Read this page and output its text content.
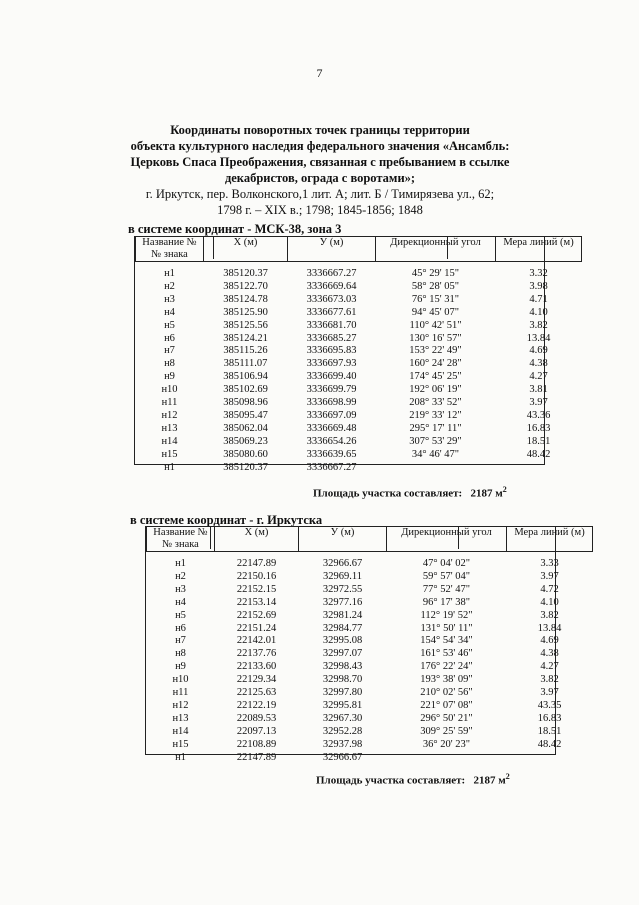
7
Координаты поворотных точек границы территории
объекта культурного наследия федерального значения «Ансамбль:
Церковь Спаса Преображения, связанная с пребыванием в ссылке
декабристов, ограда с воротами»;
г. Иркутск, пер. Волконского,1 лит. А; лит. Б / Тимирязева ул., 62;
1798 г. – XIX в.; 1798; 1845-1856; 1848
в системе координат - МСК-38, зона 3
Название №№ знака	X (м)	У (м)	Дирекционный угол	Мера линий (м)

н1	385120.37	3336667.27	45° 29' 15"	3.32
н2	385122.70	3336669.64	58° 28' 05"	3.98
н3	385124.78	3336673.03	76° 15' 31"	4.71
н4	385125.90	3336677.61	94° 45' 07"	4.10
н5	385125.56	3336681.70	110° 42' 51"	3.82
н6	385124.21	3336685.27	130° 16' 57"	13.84
н7	385115.26	3336695.83	153° 22' 49"	4.69
н8	385111.07	3336697.93	160° 24' 28"	4.38
н9	385106.94	3336699.40	174° 45' 25"	4.27
н10	385102.69	3336699.79	192° 06' 19"	3.81
н11	385098.96	3336698.99	208° 33' 52"	3.97
н12	385095.47	3336697.09	219° 33' 12"	43.36
н13	385062.04	3336669.48	295° 17' 11"	16.83
н14	385069.23	3336654.26	307° 53' 29"	18.51
н15	385080.60	3336639.65	34° 46' 47"	48.42
н1	385120.37	3336667.27		
Площадь участка составляет: 2187 $м^2$
в системе координат - г. Иркутска
Название №№ знака	X (м)	У (м)	Дирекционный угол	Мера линий (м)

н1	22147.89	32966.67	47° 04' 02"	3.33
н2	22150.16	32969.11	59° 57' 04"	3.97
н3	22152.15	32972.55	77° 52' 47"	4.72
н4	22153.14	32977.16	96° 17' 38"	4.10
н5	22152.69	32981.24	112° 19' 52"	3.82
н6	22151.24	32984.77	131° 50' 11"	13.84
н7	22142.01	32995.08	154° 54' 34"	4.69
н8	22137.76	32997.07	161° 53' 46"	4.38
н9	22133.60	32998.43	176° 22' 24"	4.27
н10	22129.34	32998.70	193° 38' 09"	3.82
н11	22125.63	32997.80	210° 02' 56"	3.97
н12	22122.19	32995.81	221° 07' 08"	43.35
н13	22089.53	32967.30	296° 50' 21"	16.83
н14	22097.13	32952.28	309° 25' 59"	18.51
н15	22108.89	32937.98	36° 20' 23"	48.42
н1	22147.89	32966.67		
Площадь участка составляет: 2187 $м^2$
